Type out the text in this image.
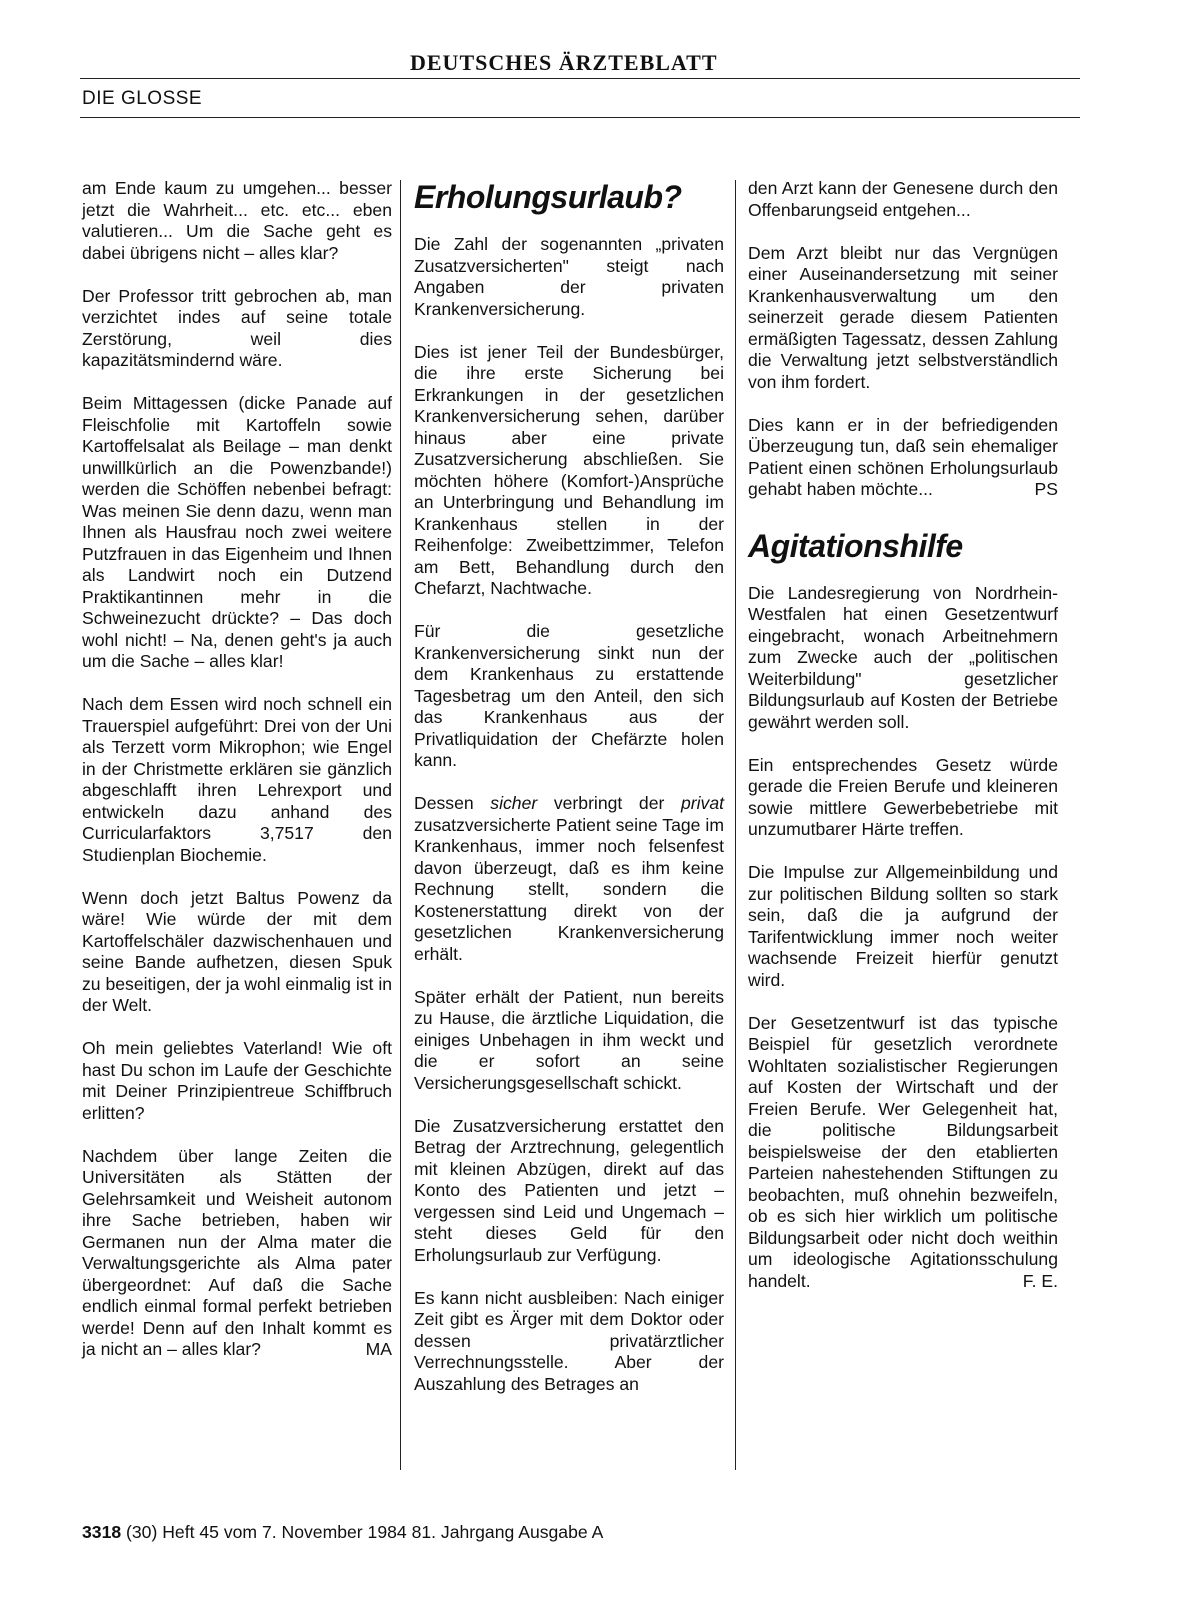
DEUTSCHES ÄRZTEBLATT
DIE GLOSSE

am Ende kaum zu umgehen... besser jetzt die Wahrheit... etc. etc... eben valutieren... Um die Sache geht es dabei übrigens nicht – alles klar?

Der Professor tritt gebrochen ab, man verzichtet indes auf seine totale Zerstörung, weil dies kapazitätsmindernd wäre.

Beim Mittagessen (dicke Panade auf Fleischfolie mit Kartoffeln sowie Kartoffelsalat als Beilage – man denkt unwillkürlich an die Powenzbande!) werden die Schöffen nebenbei befragt: Was meinen Sie denn dazu, wenn man Ihnen als Hausfrau noch zwei weitere Putzfrauen in das Eigenheim und Ihnen als Landwirt noch ein Dutzend Praktikantinnen mehr in die Schweinezucht drückte? – Das doch wohl nicht! – Na, denen geht's ja auch um die Sache – alles klar!

Nach dem Essen wird noch schnell ein Trauerspiel aufgeführt: Drei von der Uni als Terzett vorm Mikrophon; wie Engel in der Christmette erklären sie gänzlich abgeschlafft ihren Lehrexport und entwickeln dazu anhand des Curricularfaktors 3,7517 den Studienplan Biochemie.

Wenn doch jetzt Baltus Powenz da wäre! Wie würde der mit dem Kartoffelschäler dazwischenhauen und seine Bande aufhetzen, diesen Spuk zu beseitigen, der ja wohl einmalig ist in der Welt.

Oh mein geliebtes Vaterland! Wie oft hast Du schon im Laufe der Geschichte mit Deiner Prinzipientreue Schiffbruch erlitten?

Nachdem über lange Zeiten die Universitäten als Stätten der Gelehrsamkeit und Weisheit autonom ihre Sache betrieben, haben wir Germanen nun der Alma mater die Verwaltungsgerichte als Alma pater übergeordnet: Auf daß die Sache endlich einmal formal perfekt betrieben werde! Denn auf den Inhalt kommt es ja nicht an – alles klar?	MA

Erholungsurlaub?

Die Zahl der sogenannten „privaten Zusatzversicherten" steigt nach Angaben der privaten Krankenversicherung.

Dies ist jener Teil der Bundesbürger, die ihre erste Sicherung bei Erkrankungen in der gesetzlichen Krankenversicherung sehen, darüber hinaus aber eine private Zusatzversicherung abschließen. Sie möchten höhere (Komfort-)Ansprüche an Unterbringung und Behandlung im Krankenhaus stellen in der Reihenfolge: Zweibettzimmer, Telefon am Bett, Behandlung durch den Chefarzt, Nachtwache.

Für die gesetzliche Krankenversicherung sinkt nun der dem Krankenhaus zu erstattende Tagesbetrag um den Anteil, den sich das Krankenhaus aus der Privatliquidation der Chefärzte holen kann.

Dessen sicher verbringt der privat zusatzversicherte Patient seine Tage im Krankenhaus, immer noch felsenfest davon überzeugt, daß es ihm keine Rechnung stellt, sondern die Kostenerstattung direkt von der gesetzlichen Krankenversicherung erhält.

Später erhält der Patient, nun bereits zu Hause, die ärztliche Liquidation, die einiges Unbehagen in ihm weckt und die er sofort an seine Versicherungsgesellschaft schickt.

Die Zusatzversicherung erstattet den Betrag der Arztrechnung, gelegentlich mit kleinen Abzügen, direkt auf das Konto des Patienten und jetzt – vergessen sind Leid und Ungemach – steht dieses Geld für den Erholungsurlaub zur Verfügung.

Es kann nicht ausbleiben: Nach einiger Zeit gibt es Ärger mit dem Doktor oder dessen privatärztlicher Verrechnungsstelle. Aber der Auszahlung des Betrages an

den Arzt kann der Genesene durch den Offenbarungseid entgehen...

Dem Arzt bleibt nur das Vergnügen einer Auseinandersetzung mit seiner Krankenhausverwaltung um den seinerzeit gerade diesem Patienten ermäßigten Tagessatz, dessen Zahlung die Verwaltung jetzt selbstverständlich von ihm fordert.

Dies kann er in der befriedigenden Überzeugung tun, daß sein ehemaliger Patient einen schönen Erholungsurlaub gehabt haben möchte...	PS

Agitationshilfe

Die Landesregierung von Nordrhein-Westfalen hat einen Gesetzentwurf eingebracht, wonach Arbeitnehmern zum Zwecke auch der „politischen Weiterbildung" gesetzlicher Bildungsurlaub auf Kosten der Betriebe gewährt werden soll.

Ein entsprechendes Gesetz würde gerade die Freien Berufe und kleineren sowie mittlere Gewerbebetriebe mit unzumutbarer Härte treffen.

Die Impulse zur Allgemeinbildung und zur politischen Bildung sollten so stark sein, daß die ja aufgrund der Tarifentwicklung immer noch weiter wachsende Freizeit hierfür genutzt wird.

Der Gesetzentwurf ist das typische Beispiel für gesetzlich verordnete Wohltaten sozialistischer Regierungen auf Kosten der Wirtschaft und der Freien Berufe. Wer Gelegenheit hat, die politische Bildungsarbeit beispielsweise der den etablierten Parteien nahestehenden Stiftungen zu beobachten, muß ohnehin bezweifeln, ob es sich hier wirklich um politische Bildungsarbeit oder nicht doch weithin um ideologische Agitationsschulung handelt.	F. E.

3318 (30) Heft 45 vom 7. November 1984 81. Jahrgang Ausgabe A
